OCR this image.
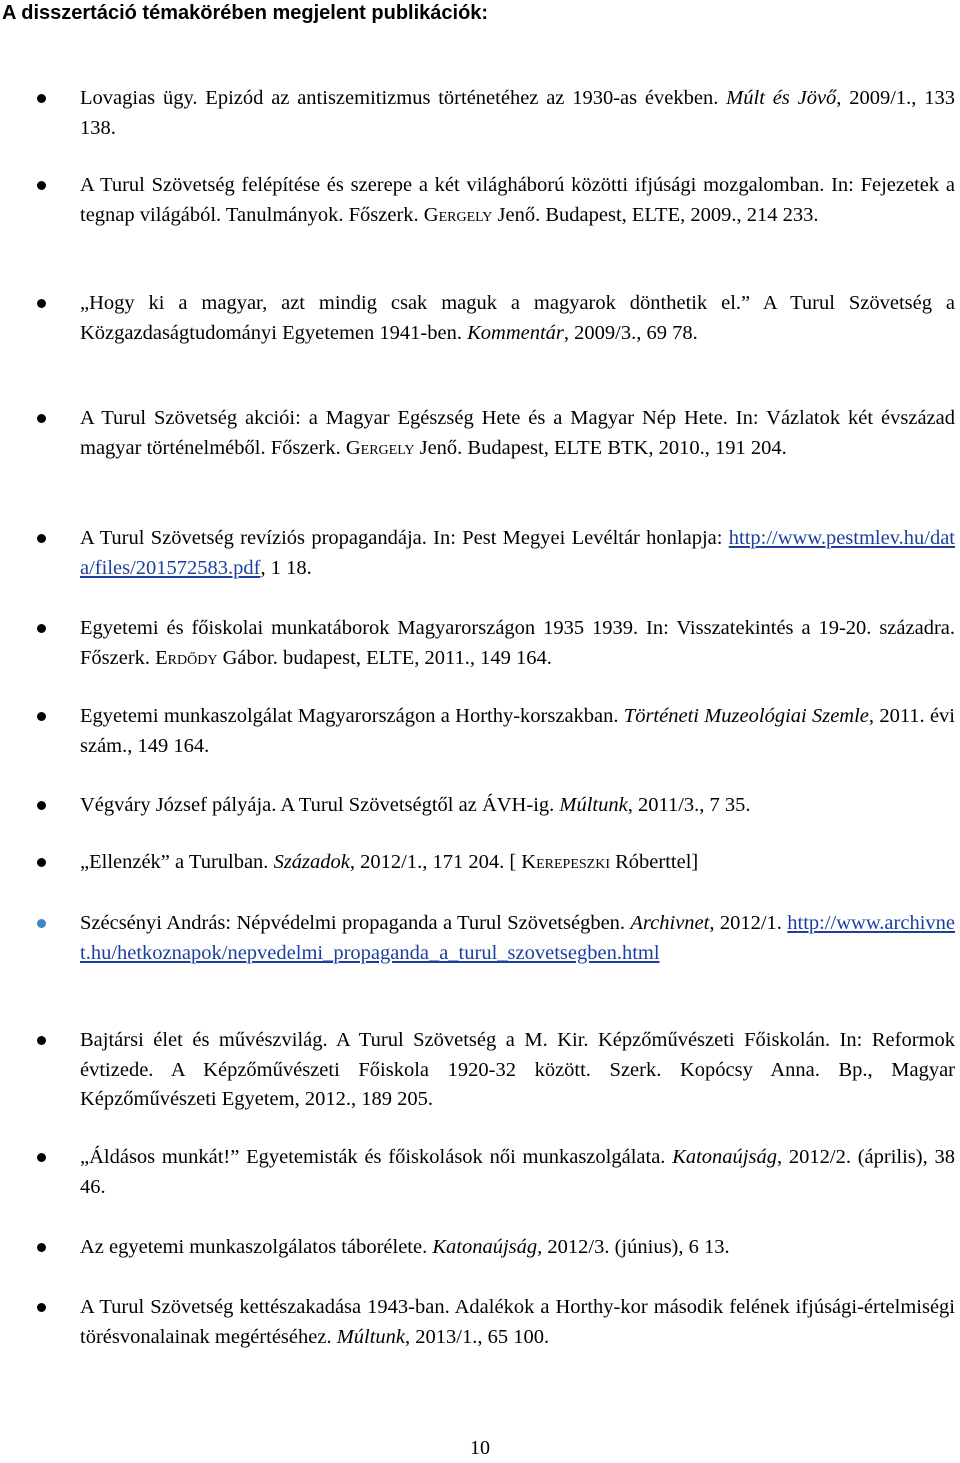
A disszertáció témakörében megjelent publikációk:
Lovagias ügy. Epizód az antiszemitizmus történetéhez az 1930-as években. Múlt és Jövő, 2009/1., 133 138.
A Turul Szövetség felépítése és szerepe a két világháború közötti ifjúsági mozgalomban. In: Fejezetek a tegnap világából. Tanulmányok. Főszerk. Gergely Jenő. Budapest, ELTE, 2009., 214 233.
„Hogy ki a magyar, azt mindig csak maguk a magyarok dönthetik el.” A Turul Szövetség a Közgazdaságtudományi Egyetemen 1941-ben. Kommentár, 2009/3., 69 78.
A Turul Szövetség akciói: a Magyar Egészség Hete és a Magyar Nép Hete. In: Vázlatok két évszázad magyar történelméből. Főszerk. Gergely Jenő. Budapest, ELTE BTK, 2010., 191 204.
A Turul Szövetség revíziós propagandája. In: Pest Megyei Levéltár honlapja: http://www.pestmlev.hu/data/files/201572583.pdf, 1 18.
Egyetemi és főiskolai munkatáborok Magyarországon 1935 1939. In: Visszatekintés a 19-20. századra. Főszerk. Erdődy Gábor. budapest, ELTE, 2011., 149 164.
Egyetemi munkaszolgálat Magyarországon a Horthy-korszakban. Történeti Muzeológiai Szemle, 2011. évi szám., 149 164.
Végváry József pályája. A Turul Szövetségtől az ÁVH-ig. Múltunk, 2011/3., 7 35.
„Ellenzék” a Turulban. Századok, 2012/1., 171 204. [ Kerepeszki Róberttel]
Szécsényi András: Népvédelmi propaganda a Turul Szövetségben. Archivnet, 2012/1. http://www.archivnet.hu/hetkoznapok/nepvedelmi_propaganda_a_turul_szovetsegben.html
Bajtársi élet és művészvilág. A Turul Szövetség a M. Kir. Képzőművészeti Főiskolán. In: Reformok évtizede. A Képzőművészeti Főiskola 1920-32 között. Szerk. Kopócsy Anna. Bp., Magyar Képzőművészeti Egyetem, 2012., 189 205.
„Áldásos munkát!” Egyetemisták és főiskolások női munkaszolgálata. Katonaújság, 2012/2. (április), 38 46.
Az egyetemi munkaszolgálatos táborélete. Katonaújság, 2012/3. (június), 6 13.
A Turul Szövetség kettészakadása 1943-ban. Adalékok a Horthy-kor második felének ifjúsági-értelmiségi törésvonalainak megértéséhez. Múltunk, 2013/1., 65 100.
10
